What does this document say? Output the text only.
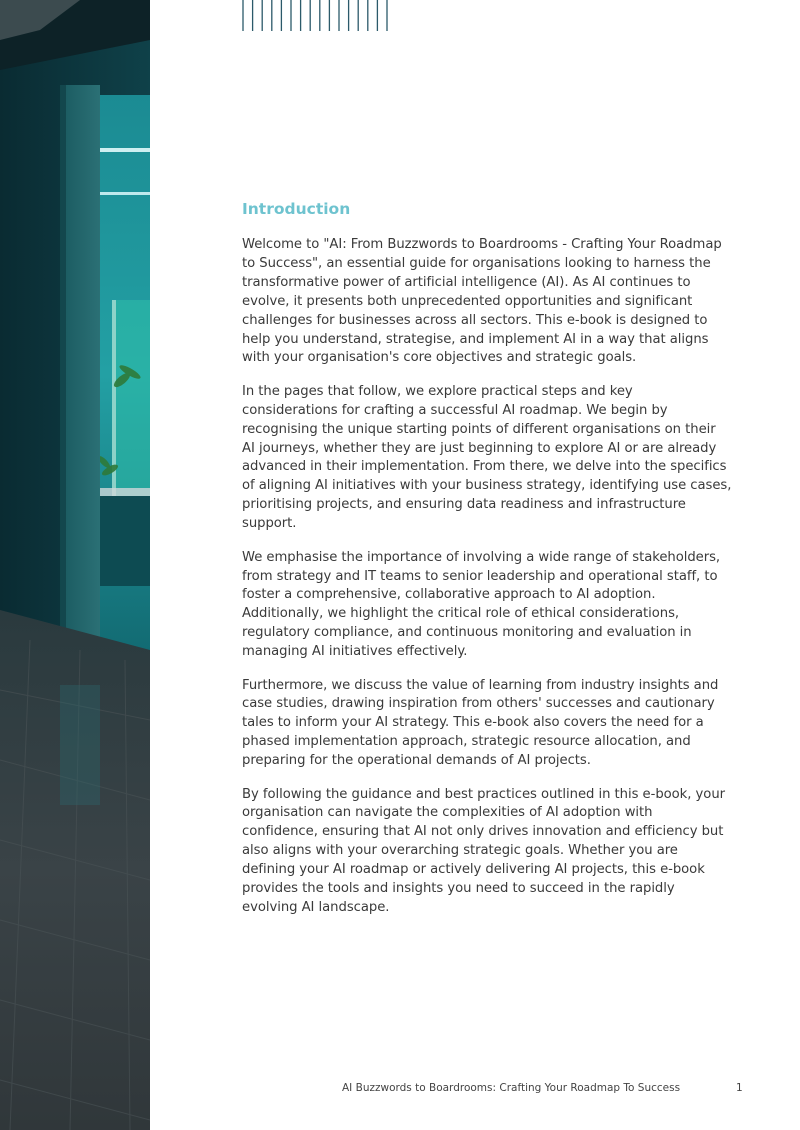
Introduction

Welcome to "AI: From Buzzwords to Boardrooms - Crafting Your Roadmap to Success", an essential guide for organisations looking to harness the transformative power of artificial intelligence (AI). As AI continues to evolve, it presents both unprecedented opportunities and significant challenges for businesses across all sectors. This e-book is designed to help you understand, strategise, and implement AI in a way that aligns with your organisation's core objectives and strategic goals.

In the pages that follow, we explore practical steps and key considerations for crafting a successful AI roadmap. We begin by recognising the unique starting points of different organisations on their AI journeys, whether they are just beginning to explore AI or are already advanced in their implementation. From there, we delve into the specifics of aligning AI initiatives with your business strategy, identifying use cases, prioritising projects, and ensuring data readiness and infrastructure support.

We emphasise the importance of involving a wide range of stakeholders, from strategy and IT teams to senior leadership and operational staff, to foster a comprehensive, collaborative approach to AI adoption. Additionally, we highlight the critical role of ethical considerations, regulatory compliance, and continuous monitoring and evaluation in managing AI initiatives effectively.

Furthermore, we discuss the value of learning from industry insights and case studies, drawing inspiration from others' successes and cautionary tales to inform your AI strategy. This e-book also covers the need for a phased implementation approach, strategic resource allocation, and preparing for the operational demands of AI projects.

By following the guidance and best practices outlined in this e-book, your organisation can navigate the complexities of AI adoption with confidence, ensuring that AI not only drives innovation and efficiency but also aligns with your overarching strategic goals. Whether you are defining your AI roadmap or actively delivering AI projects, this e-book provides the tools and insights you need to succeed in the rapidly evolving AI landscape.

AI Buzzwords to Boardrooms: Crafting Your Roadmap To Success	1
